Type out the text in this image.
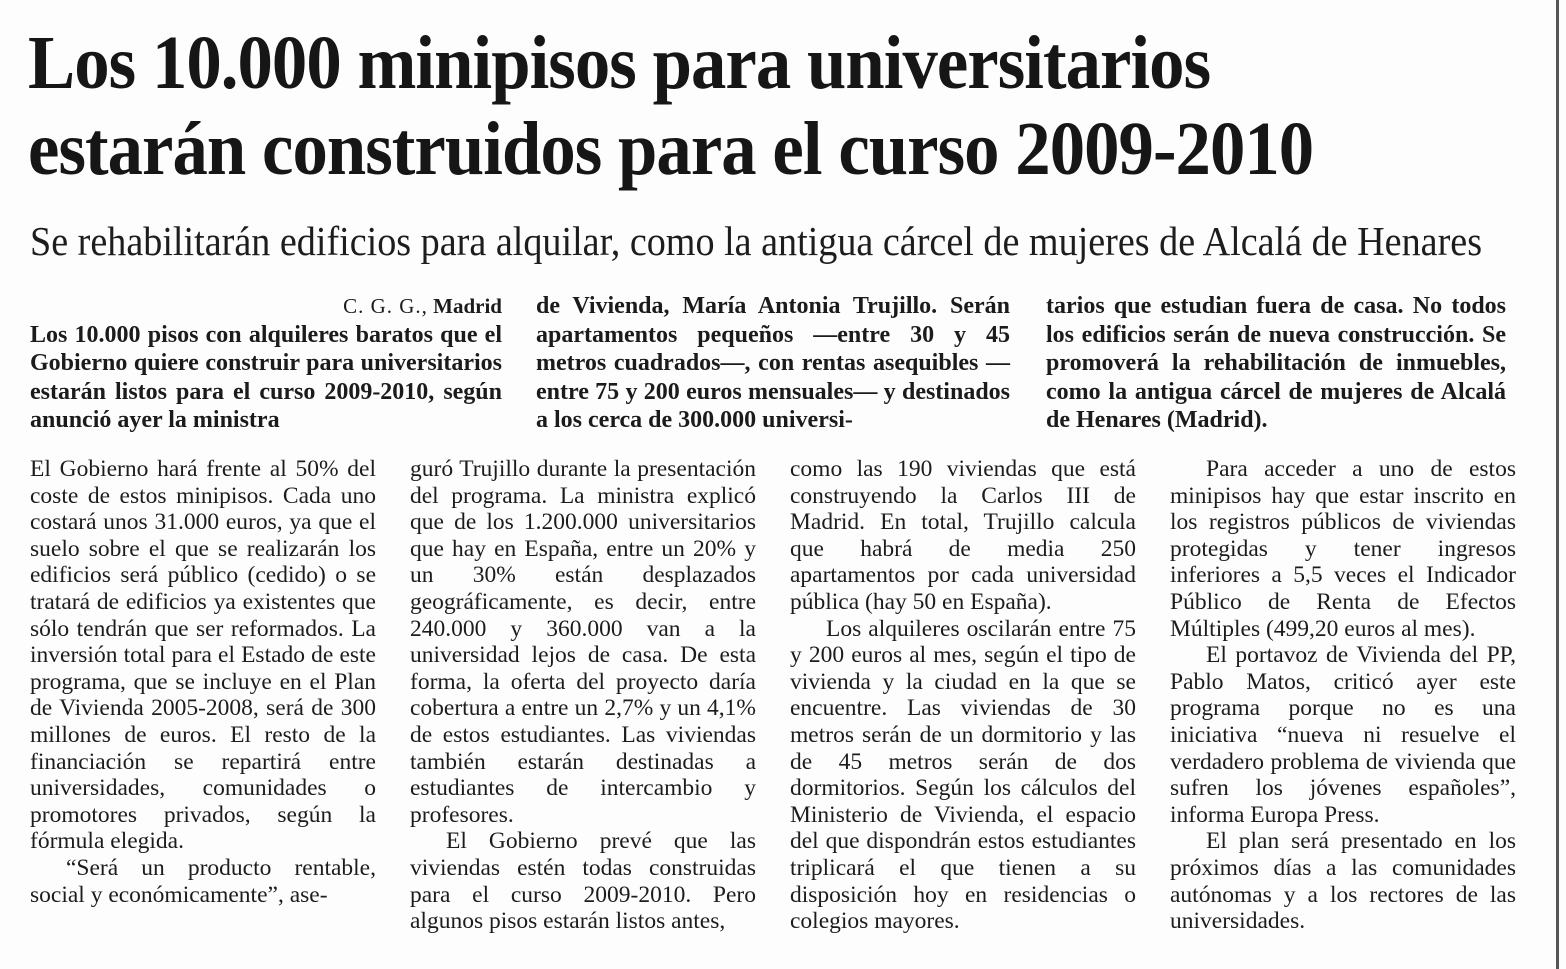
Los 10.000 minipisos para universitarios
estarán construidos para el curso 2009-2010
Se rehabilitarán edificios para alquilar, como la antigua cárcel de mujeres de Alcalá de Henares
C. G. G., Madrid

Los 10.000 pisos con alquileres baratos que el Gobierno quiere construir para universitarios estarán listos para el curso 2009-2010, según anunció ayer la ministra

de Vivienda, María Antonia Trujillo. Serán apartamentos pequeños —entre 30 y 45 metros cuadrados—, con rentas asequibles —entre 75 y 200 euros mensuales— y destinados a los cerca de 300.000 universi-

tarios que estudian fuera de casa. No todos los edificios serán de nueva construcción. Se promoverá la rehabilitación de inmuebles, como la antigua cárcel de mujeres de Alcalá de Henares (Madrid).

El Gobierno hará frente al 50% del coste de estos minipisos. Cada uno costará unos 31.000 euros, ya que el suelo sobre el que se realizarán los edificios será público (cedido) o se tratará de edificios ya existentes que sólo tendrán que ser reformados. La inversión total para el Estado de este programa, que se incluye en el Plan de Vivienda 2005-2008, será de 300 millones de euros. El resto de la financiación se repartirá entre universidades, comunidades o promotores privados, según la fórmula elegida.

“Será un producto rentable, social y económicamente”, ase-

guró Trujillo durante la presentación del programa. La ministra explicó que de los 1.200.000 universitarios que hay en España, entre un 20% y un 30% están desplazados geográficamente, es decir, entre 240.000 y 360.000 van a la universidad lejos de casa. De esta forma, la oferta del proyecto daría cobertura a entre un 2,7% y un 4,1% de estos estudiantes. Las viviendas también estarán destinadas a estudiantes de intercambio y profesores.

El Gobierno prevé que las viviendas estén todas construidas para el curso 2009-2010. Pero algunos pisos estarán listos antes,

como las 190 viviendas que está construyendo la Carlos III de Madrid. En total, Trujillo calcula que habrá de media 250 apartamentos por cada universidad pública (hay 50 en España).

Los alquileres oscilarán entre 75 y 200 euros al mes, según el tipo de vivienda y la ciudad en la que se encuentre. Las viviendas de 30 metros serán de un dormitorio y las de 45 metros serán de dos dormitorios. Según los cálculos del Ministerio de Vivienda, el espacio del que dispondrán estos estudiantes triplicará el que tienen a su disposición hoy en residencias o colegios mayores.

Para acceder a uno de estos minipisos hay que estar inscrito en los registros públicos de viviendas protegidas y tener ingresos inferiores a 5,5 veces el Indicador Público de Renta de Efectos Múltiples (499,20 euros al mes).

El portavoz de Vivienda del PP, Pablo Matos, criticó ayer este programa porque no es una iniciativa “nueva ni resuelve el verdadero problema de vivienda que sufren los jóvenes españoles”, informa Europa Press.

El plan será presentado en los próximos días a las comunidades autónomas y a los rectores de las universidades.
